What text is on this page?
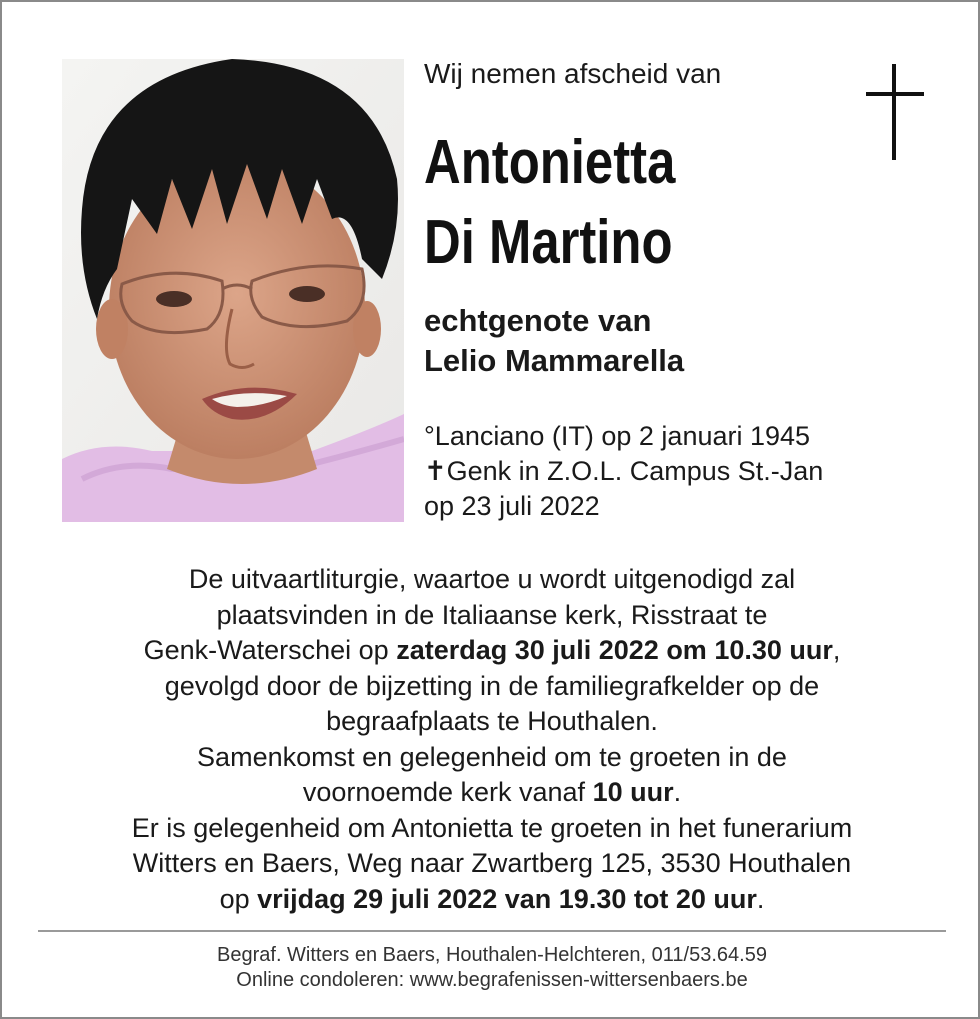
Wij nemen afscheid van
Antonietta
Di Martino
echtgenote van
Lelio Mammarella
°Lanciano (IT) op 2 januari 1945
✝Genk in Z.O.L. Campus St.-Jan
op 23 juli 2022
De uitvaartliturgie, waartoe u wordt uitgenodigd zal
plaatsvinden in de Italiaanse kerk, Risstraat te
Genk-Waterschei op zaterdag 30 juli 2022 om 10.30 uur,
gevolgd door de bijzetting in de familiegrafkelder op de
begraafplaats te Houthalen.
Samenkomst en gelegenheid om te groeten in de
voornoemde kerk vanaf 10 uur.
Er is gelegenheid om Antonietta te groeten in het funerarium
Witters en Baers, Weg naar Zwartberg 125, 3530 Houthalen
op vrijdag 29 juli 2022 van 19.30 tot 20 uur.
Begraf. Witters en Baers, Houthalen-Helchteren, 011/53.64.59
Online condoleren: www.begrafenissen-wittersenbaers.be
